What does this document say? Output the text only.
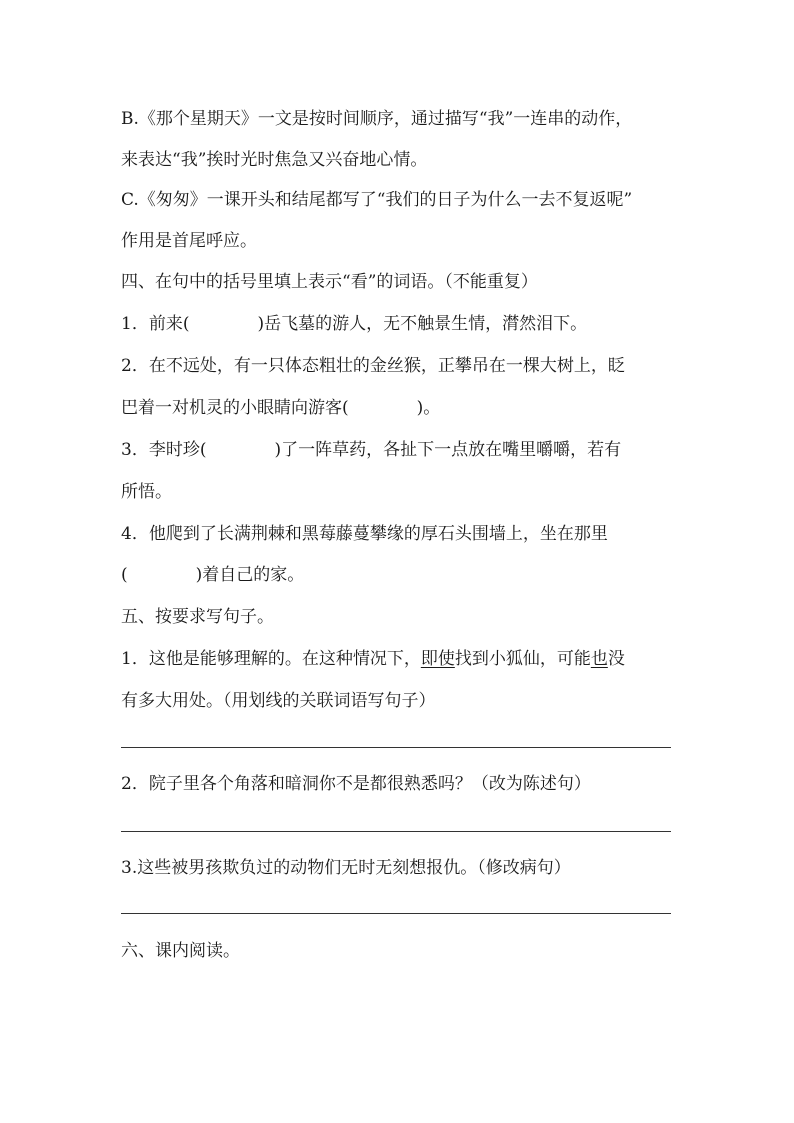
B.《那个星期天》一文是按时间顺序，通过描写“我”一连串的动作，
来表达“我”挨时光时焦急又兴奋地心情。
C.《匆匆》一课开头和结尾都写了“我们的日子为什么一去不复返呢”
作用是首尾呼应。
四、在句中的括号里填上表示“看”的词语。（不能重复）
1．前来(　　　　)岳飞墓的游人，无不触景生情，潸然泪下。
2．在不远处，有一只体态粗壮的金丝猴，正攀吊在一棵大树上，眨
巴着一对机灵的小眼睛向游客(　　　　)。
3．李时珍(　　　　)了一阵草药，各扯下一点放在嘴里嚼嚼，若有
所悟。
4．他爬到了长满荆棘和黑莓藤蔓攀缘的厚石头围墙上，坐在那里
(　　　　)着自己的家。
五、按要求写句子。
1．这他是能够理解的。在这种情况下，即使找到小狐仙，可能也没
有多大用处。（用划线的关联词语写句子）
2．院子里各个角落和暗洞你不是都很熟悉吗？（改为陈述句）
3.这些被男孩欺负过的动物们无时无刻想报仇。（修改病句）
六、课内阅读。
